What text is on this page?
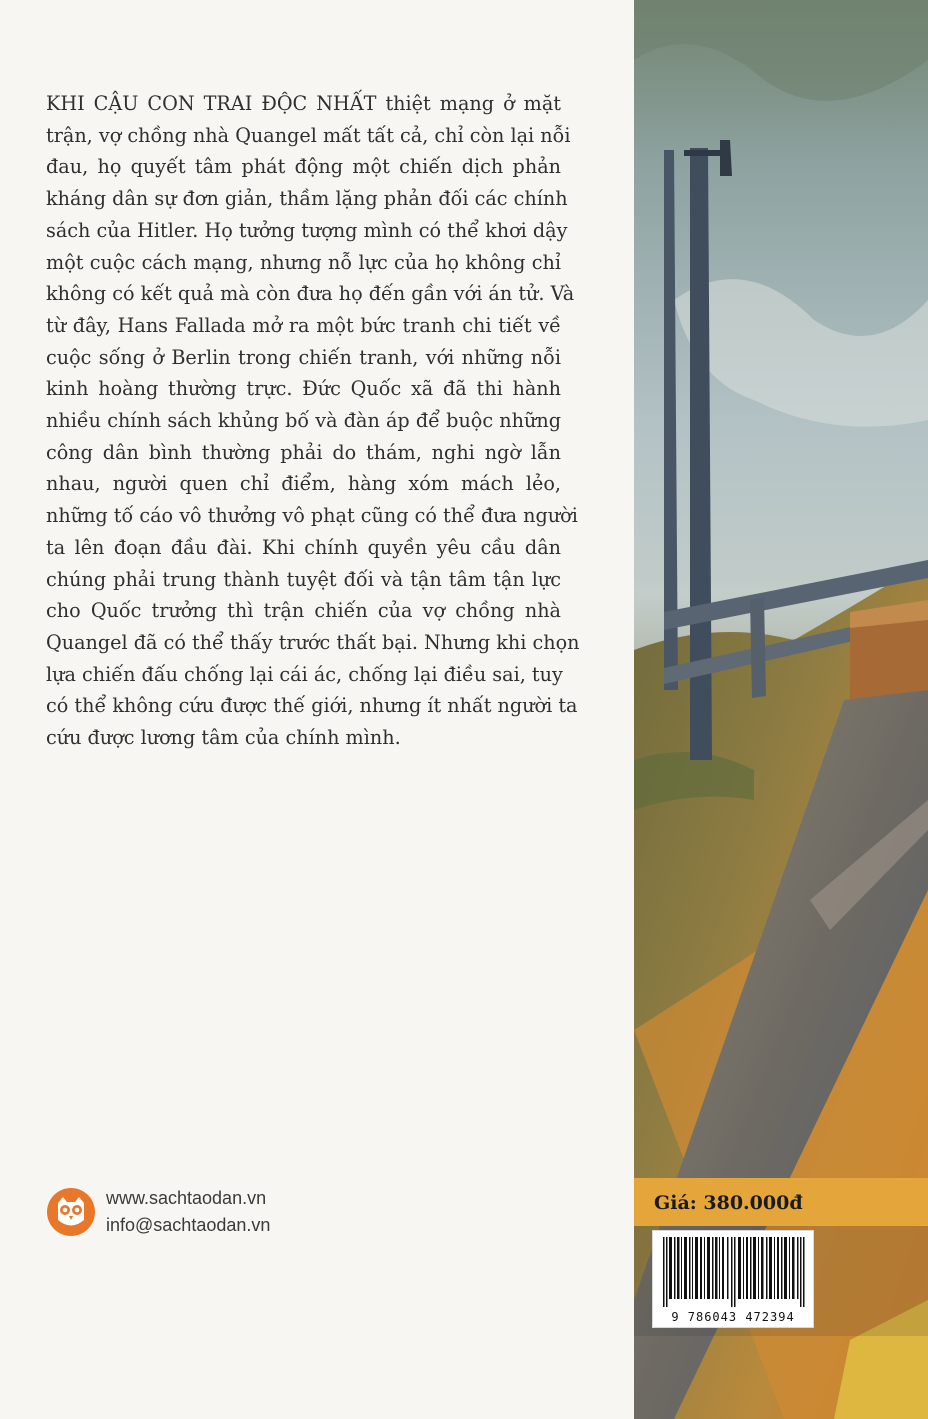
KHI CẬU CON TRAI ĐỘC NHẤT thiệt mạng ở mặt
trận, vợ chồng nhà Quangel mất tất cả, chỉ còn lại nỗi
đau, họ quyết tâm phát động một chiến dịch phản
kháng dân sự đơn giản, thầm lặng phản đối các chính
sách của Hitler. Họ tưởng tượng mình có thể khơi dậy
một cuộc cách mạng, nhưng nỗ lực của họ không chỉ
không có kết quả mà còn đưa họ đến gần với án tử. Và
từ đây, Hans Fallada mở ra một bức tranh chi tiết về
cuộc sống ở Berlin trong chiến tranh, với những nỗi
kinh hoàng thường trực. Đức Quốc xã đã thi hành
nhiều chính sách khủng bố và đàn áp để buộc những
công dân bình thường phải do thám, nghi ngờ lẫn
nhau, người quen chỉ điểm, hàng xóm mách lẻo,
những tố cáo vô thưởng vô phạt cũng có thể đưa người
ta lên đoạn đầu đài. Khi chính quyền yêu cầu dân
chúng phải trung thành tuyệt đối và tận tâm tận lực
cho Quốc trưởng thì trận chiến của vợ chồng nhà
Quangel đã có thể thấy trước thất bại. Nhưng khi chọn
lựa chiến đấu chống lại cái ác, chống lại điều sai, tuy
có thể không cứu được thế giới, nhưng ít nhất người ta
cứu được lương tâm của chính mình.
www.sachtaodan.vn
info@sachtaodan.vn
Giá: 380.000đ
9 786043 472394
